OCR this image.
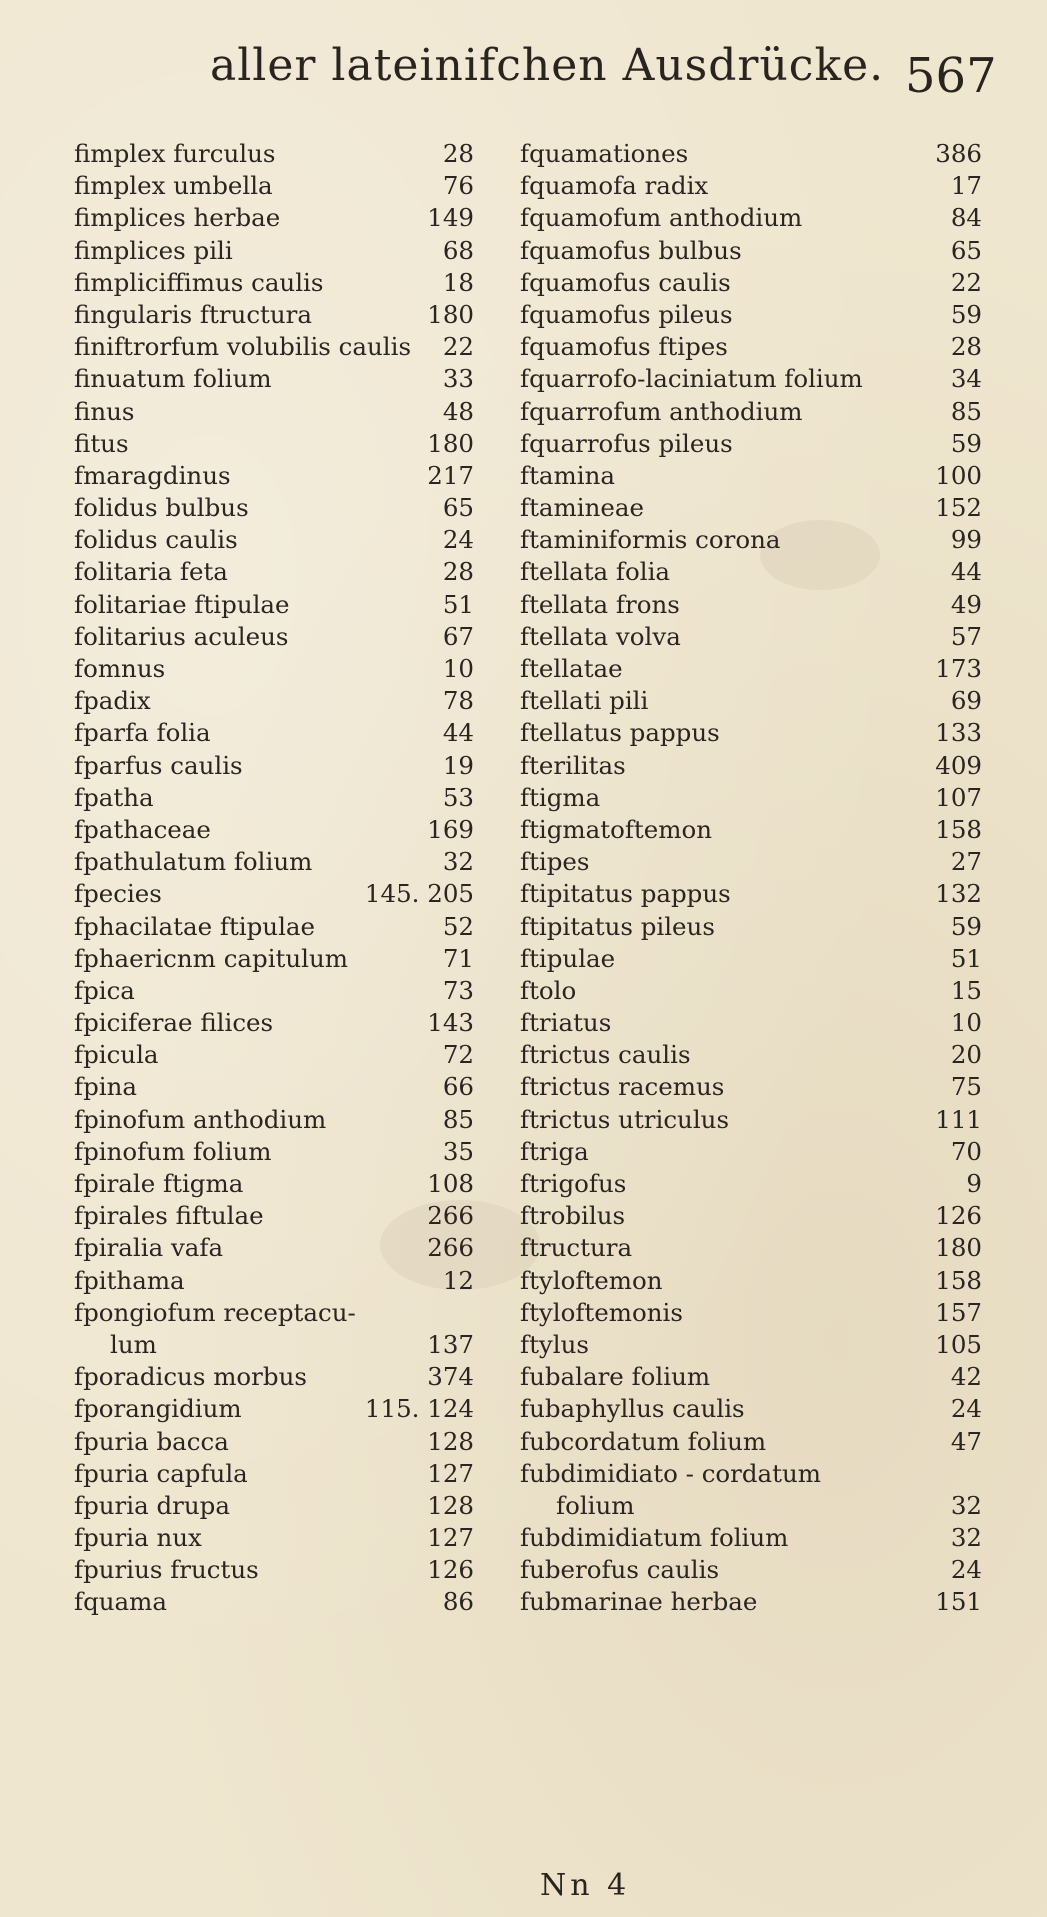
aller lateinifchen Ausdrücke. 567
fimplex furculus	28
fimplex umbella	76
fimplices herbae	149
fimplices pili	68
fimpliciffimus caulis	18
fingularis ftructura	180
finiftrorfum volubilis caulis 22
finuatum folium	33
finus	48
fitus	180
fmaragdinus	217
folidus bulbus	65
folidus caulis	24
folitaria feta	28
folitariae ftipulae	51
folitarius aculeus	67
fomnus	10
fpadix	78
fparfa folia	44
fparfus caulis	19
fpatha	53
fpathaceae	169
fpathulatum folium	32
fpecies	145. 205
fphacilatae ftipulae	52
fphaericnm capitulum	71
fpica	73
fpiciferae filices	143
fpicula	72
fpina	66
fpinofum anthodium	85
fpinofum folium	35
fpirale ftigma	108
fpirales fiftulae	266
fpiralia vafa	266
fpithama	12
fpongiofum receptacu-
lum	137
fporadicus morbus	374
fporangidium	115. 124
fpuria bacca	128
fpuria capfula	127
fpuria drupa	128
fpuria nux	127
fpurius fructus	126
fquama	86
fquamationes	386
fquamofa radix	17
fquamofum anthodium	84
fquamofus bulbus	65
fquamofus caulis	22
fquamofus pileus	59
fquamofus ftipes	28
fquarrofo-laciniatum folium	34
fquarrofum anthodium	85
fquarrofus pileus	59
ftamina	100
ftamineae	152
ftaminiformis corona	99
ftellata folia	44
ftellata frons	49
ftellata volva	57
ftellatae	173
ftellati pili	69
ftellatus pappus	133
fterilitas	409
ftigma	107
ftigmatoftemon	158
ftipes	27
ftipitatus pappus	132
ftipitatus pileus	59
ftipulae	51
ftolo	15
ftriatus	10
ftrictus caulis	20
ftrictus racemus	75
ftrictus utriculus	111
ftriga	70
ftrigofus	9
ftrobilus	126
ftructura	180
ftyloftemon	158
ftyloftemonis	157
ftylus	105
fubalare folium	42
fubaphyllus caulis	24
fubcordatum folium	47
fubdimidiato - cordatum
folium	32
fubdimidiatum folium	32
fuberofus caulis	24
fubmarinae herbae	151
Nn 4
